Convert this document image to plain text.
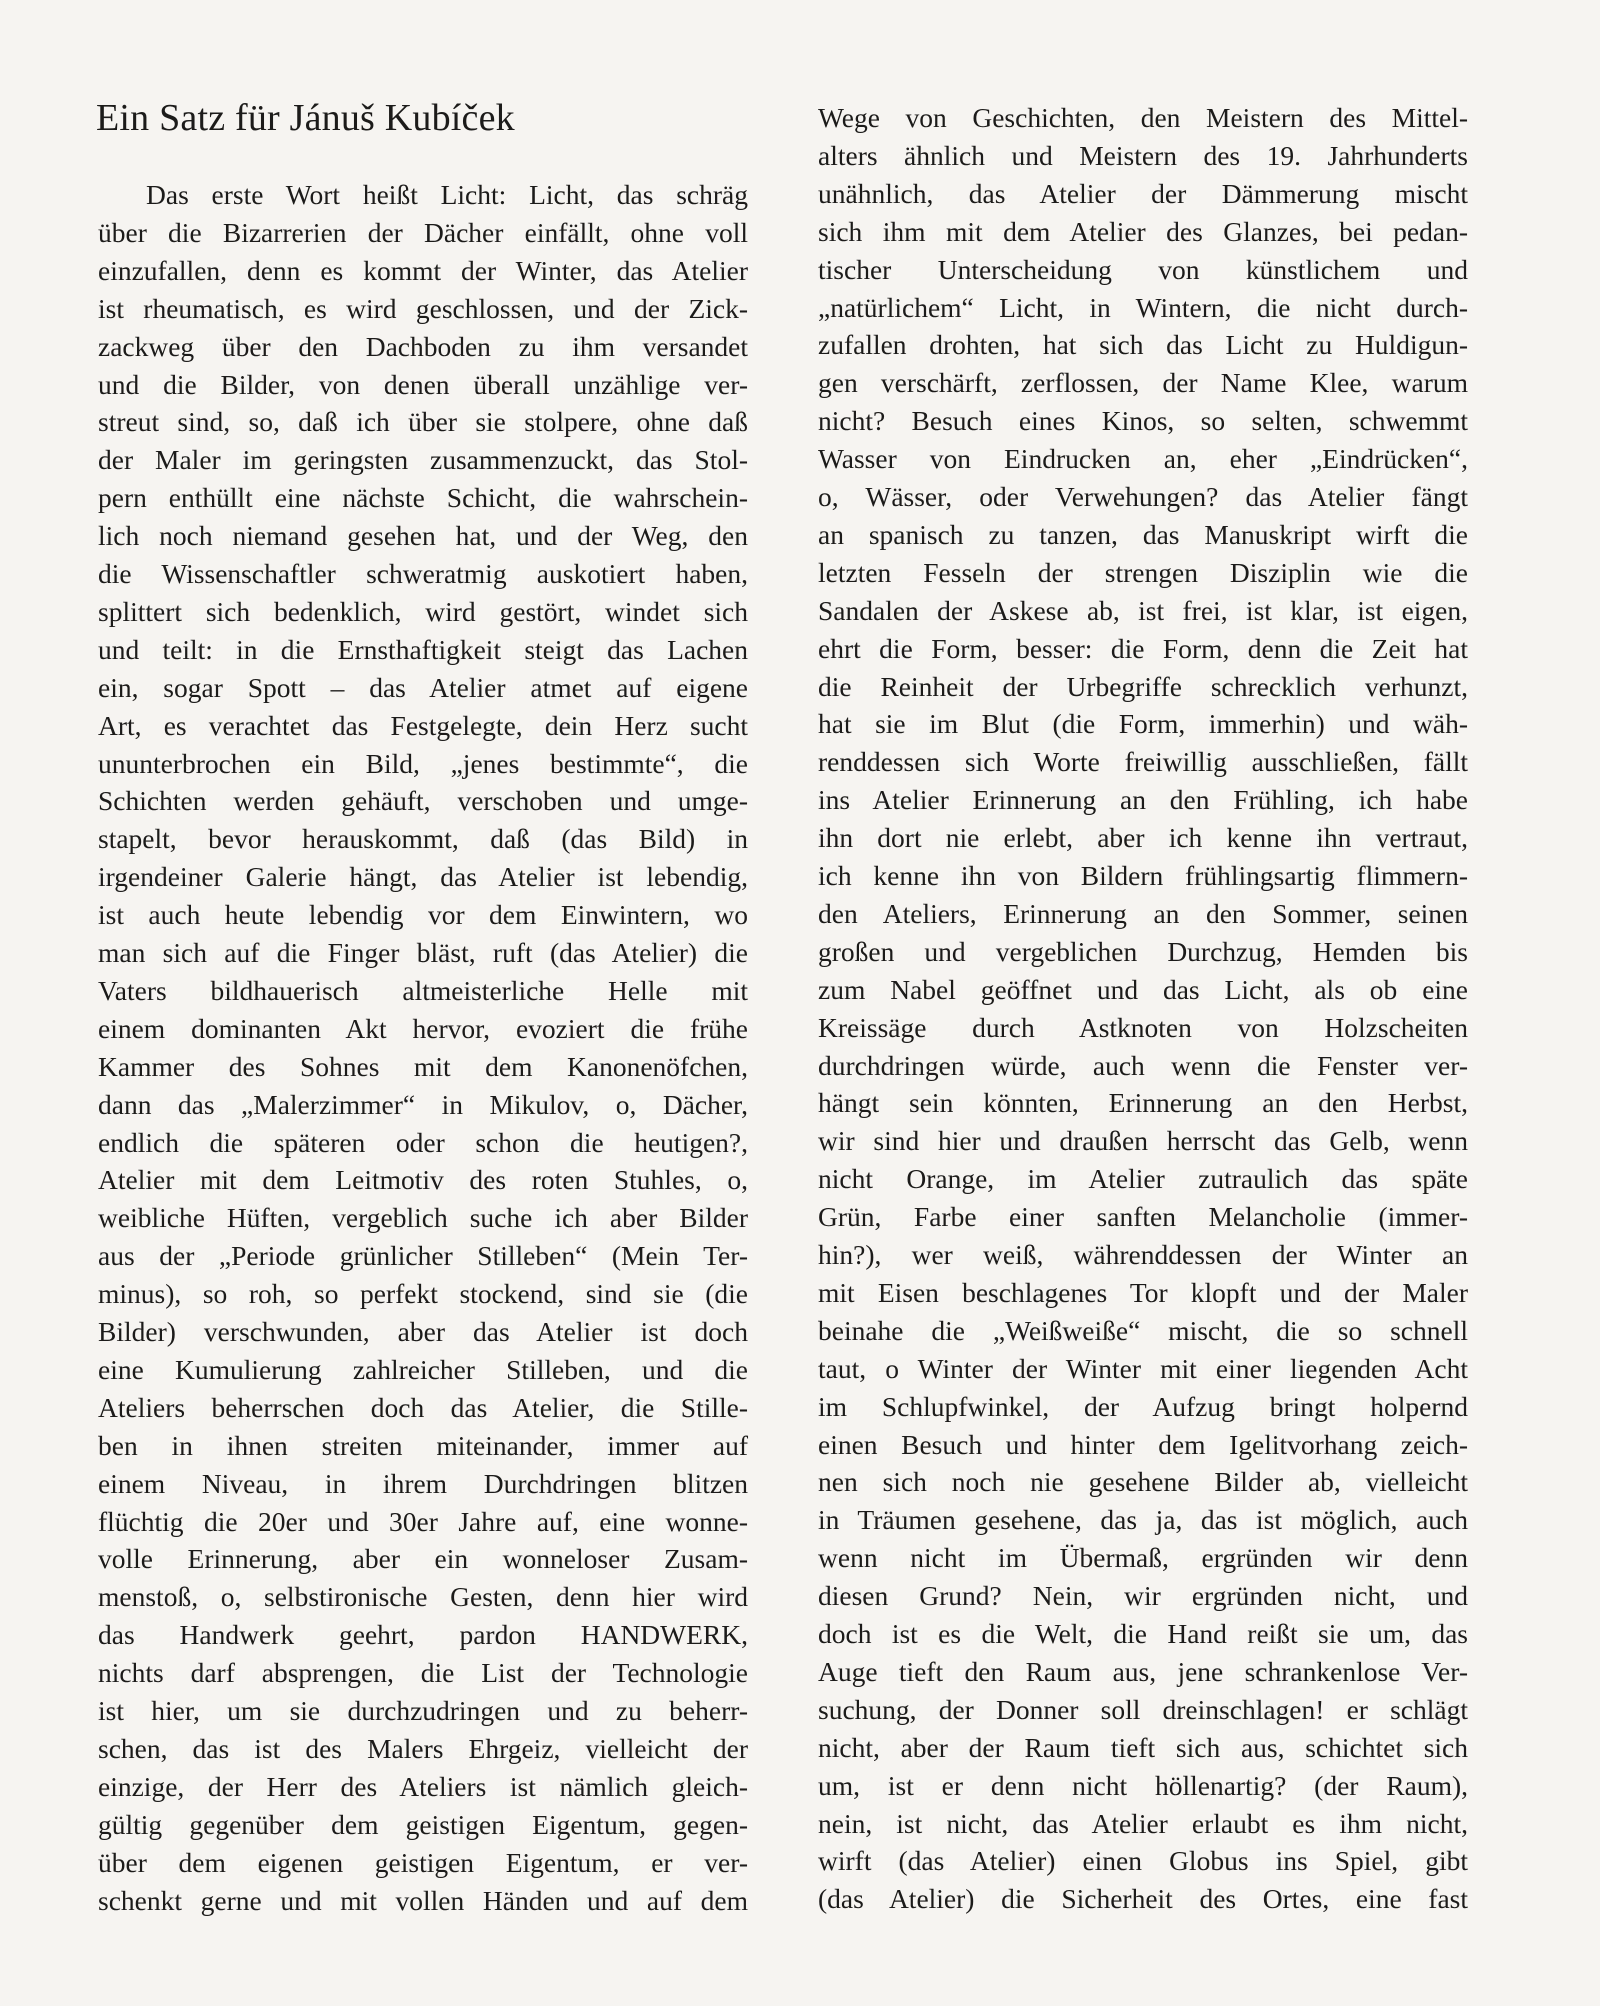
Ein Satz für Jánuš Kubíček
Das erste Wort heißt Licht: Licht, das schräg
über die Bizarrerien der Dächer einfällt, ohne voll
einzufallen, denn es kommt der Winter, das Atelier
ist rheumatisch, es wird geschlossen, und der Zick-
zackweg über den Dachboden zu ihm versandet
und die Bilder, von denen überall unzählige ver-
streut sind, so, daß ich über sie stolpere, ohne daß
der Maler im geringsten zusammenzuckt, das Stol-
pern enthüllt eine nächste Schicht, die wahrschein-
lich noch niemand gesehen hat, und der Weg, den
die Wissenschaftler schweratmig auskotiert haben,
splittert sich bedenklich, wird gestört, windet sich
und teilt: in die Ernsthaftigkeit steigt das Lachen
ein, sogar Spott – das Atelier atmet auf eigene
Art, es verachtet das Festgelegte, dein Herz sucht
ununterbrochen ein Bild, „jenes bestimmte“, die
Schichten werden gehäuft, verschoben und umge-
stapelt, bevor herauskommt, daß (das Bild) in
irgendeiner Galerie hängt, das Atelier ist lebendig,
ist auch heute lebendig vor dem Einwintern, wo
man sich auf die Finger bläst, ruft (das Atelier) die
Vaters bildhauerisch altmeisterliche Helle mit
einem dominanten Akt hervor, evoziert die frühe
Kammer des Sohnes mit dem Kanonenöfchen,
dann das „Malerzimmer“ in Mikulov, o, Dächer,
endlich die späteren oder schon die heutigen?,
Atelier mit dem Leitmotiv des roten Stuhles, o,
weibliche Hüften, vergeblich suche ich aber Bilder
aus der „Periode grünlicher Stilleben“ (Mein Ter-
minus), so roh, so perfekt stockend, sind sie (die
Bilder) verschwunden, aber das Atelier ist doch
eine Kumulierung zahlreicher Stilleben, und die
Ateliers beherrschen doch das Atelier, die Stille-
ben in ihnen streiten miteinander, immer auf
einem Niveau, in ihrem Durchdringen blitzen
flüchtig die 20er und 30er Jahre auf, eine wonne-
volle Erinnerung, aber ein wonneloser Zusam-
menstoß, o, selbstironische Gesten, denn hier wird
das Handwerk geehrt, pardon HANDWERK,
nichts darf absprengen, die List der Technologie
ist hier, um sie durchzudringen und zu beherr-
schen, das ist des Malers Ehrgeiz, vielleicht der
einzige, der Herr des Ateliers ist nämlich gleich-
gültig gegenüber dem geistigen Eigentum, gegen-
über dem eigenen geistigen Eigentum, er ver-
schenkt gerne und mit vollen Händen und auf dem
Wege von Geschichten, den Meistern des Mittel-
alters ähnlich und Meistern des 19. Jahrhunderts
unähnlich, das Atelier der Dämmerung mischt
sich ihm mit dem Atelier des Glanzes, bei pedan-
tischer Unterscheidung von künstlichem und
„natürlichem“ Licht, in Wintern, die nicht durch-
zufallen drohten, hat sich das Licht zu Huldigun-
gen verschärft, zerflossen, der Name Klee, warum
nicht? Besuch eines Kinos, so selten, schwemmt
Wasser von Eindrucken an, eher „Eindrücken“,
o, Wässer, oder Verwehungen? das Atelier fängt
an spanisch zu tanzen, das Manuskript wirft die
letzten Fesseln der strengen Disziplin wie die
Sandalen der Askese ab, ist frei, ist klar, ist eigen,
ehrt die Form, besser: die Form, denn die Zeit hat
die Reinheit der Urbegriffe schrecklich verhunzt,
hat sie im Blut (die Form, immerhin) und wäh-
renddessen sich Worte freiwillig ausschließen, fällt
ins Atelier Erinnerung an den Frühling, ich habe
ihn dort nie erlebt, aber ich kenne ihn vertraut,
ich kenne ihn von Bildern frühlingsartig flimmern-
den Ateliers, Erinnerung an den Sommer, seinen
großen und vergeblichen Durchzug, Hemden bis
zum Nabel geöffnet und das Licht, als ob eine
Kreissäge durch Astknoten von Holzscheiten
durchdringen würde, auch wenn die Fenster ver-
hängt sein könnten, Erinnerung an den Herbst,
wir sind hier und draußen herrscht das Gelb, wenn
nicht Orange, im Atelier zutraulich das späte
Grün, Farbe einer sanften Melancholie (immer-
hin?), wer weiß, währenddessen der Winter an
mit Eisen beschlagenes Tor klopft und der Maler
beinahe die „Weißweiße“ mischt, die so schnell
taut, o Winter der Winter mit einer liegenden Acht
im Schlupfwinkel, der Aufzug bringt holpernd
einen Besuch und hinter dem Igelitvorhang zeich-
nen sich noch nie gesehene Bilder ab, vielleicht
in Träumen gesehene, das ja, das ist möglich, auch
wenn nicht im Übermaß, ergründen wir denn
diesen Grund? Nein, wir ergründen nicht, und
doch ist es die Welt, die Hand reißt sie um, das
Auge tieft den Raum aus, jene schrankenlose Ver-
suchung, der Donner soll dreinschlagen! er schlägt
nicht, aber der Raum tieft sich aus, schichtet sich
um, ist er denn nicht höllenartig? (der Raum),
nein, ist nicht, das Atelier erlaubt es ihm nicht,
wirft (das Atelier) einen Globus ins Spiel, gibt
(das Atelier) die Sicherheit des Ortes, eine fast
